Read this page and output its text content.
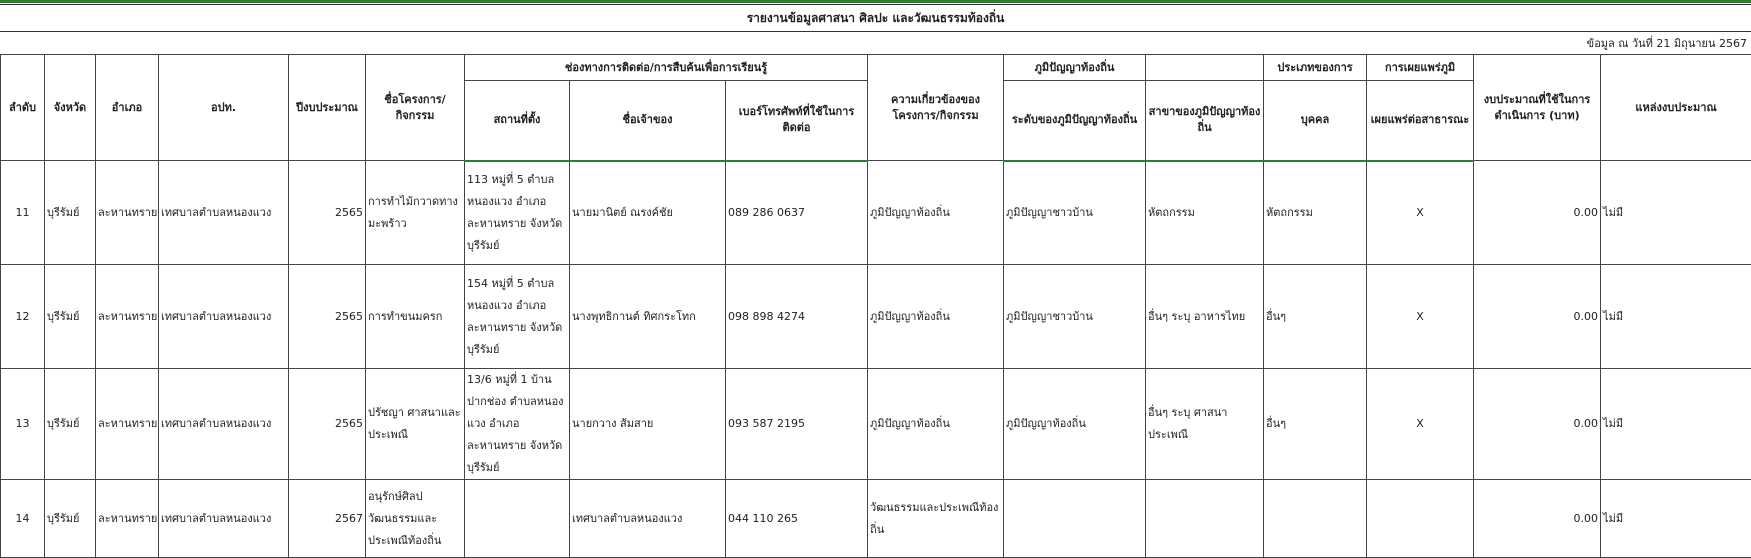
รายงานข้อมูลศาสนา ศิลปะ และวัฒนธรรมท้องถิ่น
ข้อมูล ณ วันที่ 21 มิถุนายน 2567
ลำดับ	จังหวัด	อำเภอ	อปท.	ปีงบประมาณ	ชื่อโครงการ/กิจกรรม	ช่องทางการติดต่อ/การสืบค้นเพื่อการเรียนรู้			ความเกี่ยวข้องของโครงการ/กิจกรรม	ภูมิปัญญาท้องถิ่น		ประเภทของการ	การเผยแพร่ภูมิ	งบประมาณที่ใช้ในการดำเนินการ (บาท)	แหล่งงบประมาณ
						สถานที่ตั้ง	ชื่อเจ้าของ	เบอร์โทรศัพท์ที่ใช้ในการติดต่อ		ระดับของภูมิปัญญาท้องถิ่น	สาขาของภูมิปัญญาท้องถิ่น	บุคคล	เผยแพร่ต่อสาธารณะ		
11	บุรีรัมย์	ละหานทราย	เทศบาลตำบลหนองแวง	2565	การทำไม้กวาดทางมะพร้าว	113 หมู่ที่ 5 ตำบลหนองแวง อำเภอละหานทราย จังหวัดบุรีรัมย์	นายมานิตย์ ณรงค์ชัย	089 286 0637	ภูมิปัญญาท้องถิ่น	ภูมิปัญญาชาวบ้าน	หัตถกรรม	หัตถกรรม	X	0.00	ไม่มี
12	บุรีรัมย์	ละหานทราย	เทศบาลตำบลหนองแวง	2565	การทำขนมครก	154 หมู่ที่ 5 ตำบลหนองแวง อำเภอละหานทราย จังหวัดบุรีรัมย์	นางพุทธิกานต์ ทิศกระโทก	098 898 4274	ภูมิปัญญาท้องถิ่น	ภูมิปัญญาชาวบ้าน	อื่นๆ ระบุ อาหารไทย	อื่นๆ	X	0.00	ไม่มี
13	บุรีรัมย์	ละหานทราย	เทศบาลตำบลหนองแวง	2565	ปรัชญา ศาสนาและประเพณี	13/6 หมู่ที่ 1 บ้านปากช่อง ตำบลหนองแวง อำเภอละหานทราย จังหวัดบุรีรัมย์	นายกวาง ส้มสาย	093 587 2195	ภูมิปัญญาท้องถิ่น	ภูมิปัญญาท้องถิ่น	อื่นๆ ระบุ ศาสนาประเพณี	อื่นๆ	X	0.00	ไม่มี
14	บุรีรัมย์	ละหานทราย	เทศบาลตำบลหนองแวง	2567	อนุรักษ์ศิลปวัฒนธรรมและประเพณีท้องถิ่น		เทศบาลตำบลหนองแวง	044 110 265	วัฒนธรรมและประเพณีท้องถิ่น					0.00	ไม่มี
